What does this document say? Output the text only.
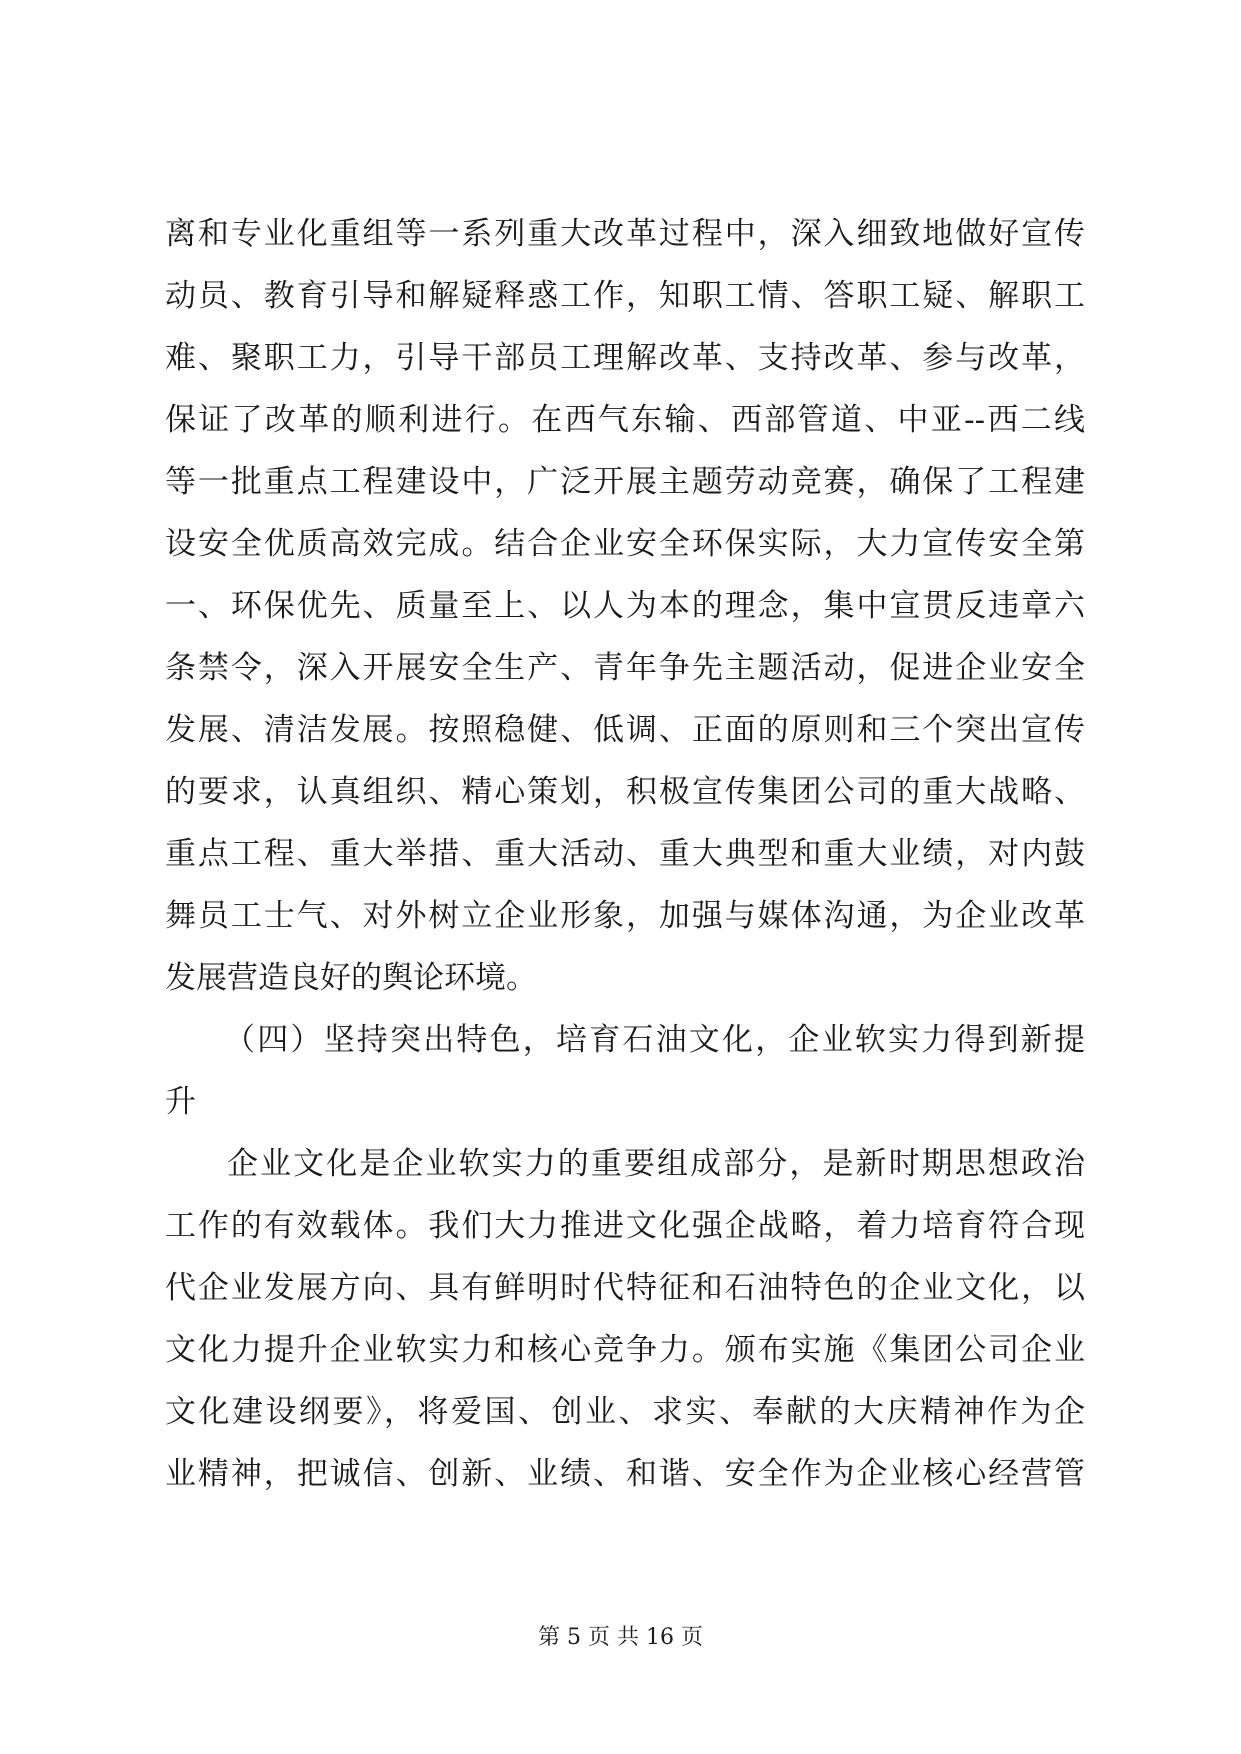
离和专业化重组等一系列重大改革过程中，深入细致地做好宣传
动员、教育引导和解疑释惑工作，知职工情、答职工疑、解职工
难、聚职工力，引导干部员工理解改革、支持改革、参与改革，
保证了改革的顺利进行。在西气东输、西部管道、中亚--西二线
等一批重点工程建设中，广泛开展主题劳动竞赛，确保了工程建
设安全优质高效完成。结合企业安全环保实际，大力宣传安全第
一、环保优先、质量至上、以人为本的理念，集中宣贯反违章六
条禁令，深入开展安全生产、青年争先主题活动，促进企业安全
发展、清洁发展。按照稳健、低调、正面的原则和三个突出宣传
的要求，认真组织、精心策划，积极宣传集团公司的重大战略、
重点工程、重大举措、重大活动、重大典型和重大业绩，对内鼓
舞员工士气、对外树立企业形象，加强与媒体沟通，为企业改革
发展营造良好的舆论环境。
（四）坚持突出特色，培育石油文化，企业软实力得到新提
升
企业文化是企业软实力的重要组成部分，是新时期思想政治
工作的有效载体。我们大力推进文化强企战略，着力培育符合现
代企业发展方向、具有鲜明时代特征和石油特色的企业文化，以
文化力提升企业软实力和核心竞争力。颁布实施《集团公司企业
文化建设纲要》，将爱国、创业、求实、奉献的大庆精神作为企
业精神，把诚信、创新、业绩、和谐、安全作为企业核心经营管
第 5 页 共 16 页
